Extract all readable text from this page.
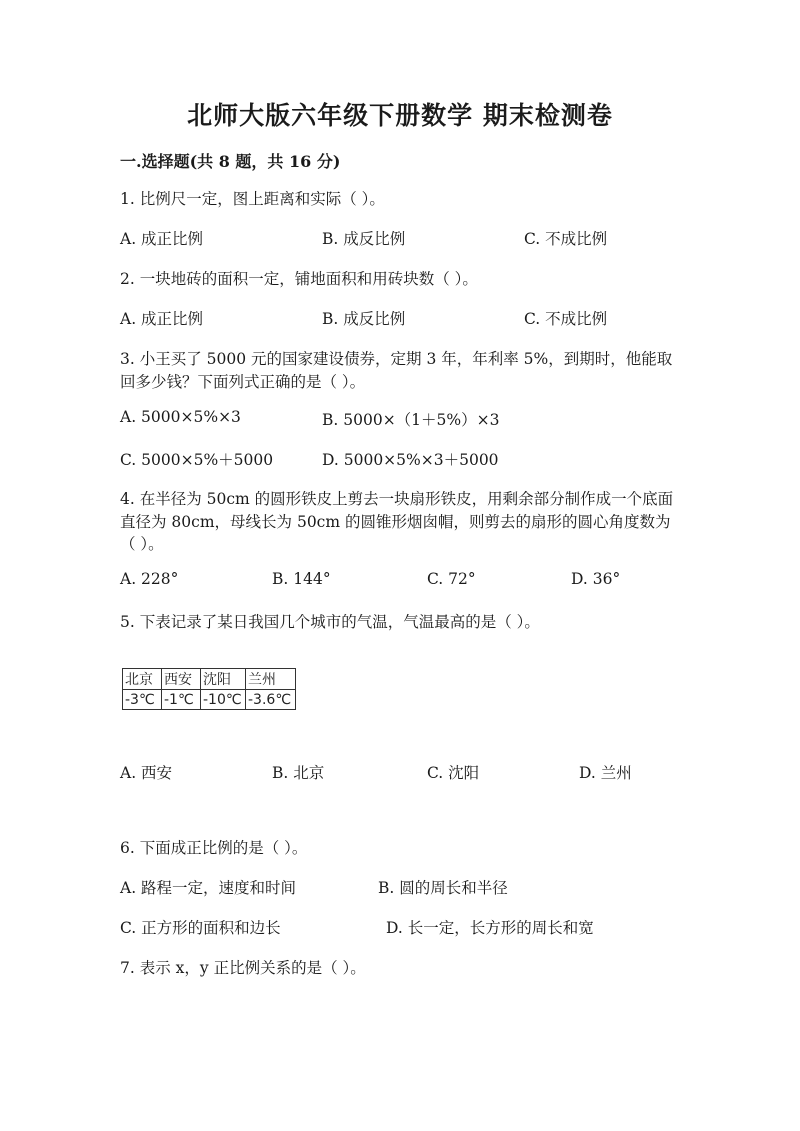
北师大版六年级下册数学 期末检测卷
一.选择题(共 8 题，共 16 分)
1. 比例尺一定，图上距离和实际（ ）。
A. 成正比例	B. 成反比例	C. 不成比例
2. 一块地砖的面积一定，铺地面积和用砖块数（ ）。
A. 成正比例	B. 成反比例	C. 不成比例
3. 小王买了 5000 元的国家建设债券，定期 3 年，年利率 5%，到期时，他能取
回多少钱？下面列式正确的是（ ）。
A. 5000×5%×3	B. 5000×（1＋5%）×3
C. 5000×5%＋5000	D. 5000×5%×3＋5000
4. 在半径为 50cm 的圆形铁皮上剪去一块扇形铁皮，用剩余部分制作成一个底面
直径为 80cm，母线长为 50cm 的圆锥形烟囱帽，则剪去的扇形的圆心角度数为
（ ）。
A. 228°	B. 144°	C. 72°	D. 36°
5. 下表记录了某日我国几个城市的气温，气温最高的是（ ）。
北京	西安	沈阳	兰州
-3℃	-1℃	-10℃	-3.6℃
A. 西安	B. 北京	C. 沈阳	D. 兰州
6. 下面成正比例的是（ ）。
A. 路程一定，速度和时间	B. 圆的周长和半径
C. 正方形的面积和边长	D. 长一定，长方形的周长和宽
7. 表示 x，y 正比例关系的是（ ）。
